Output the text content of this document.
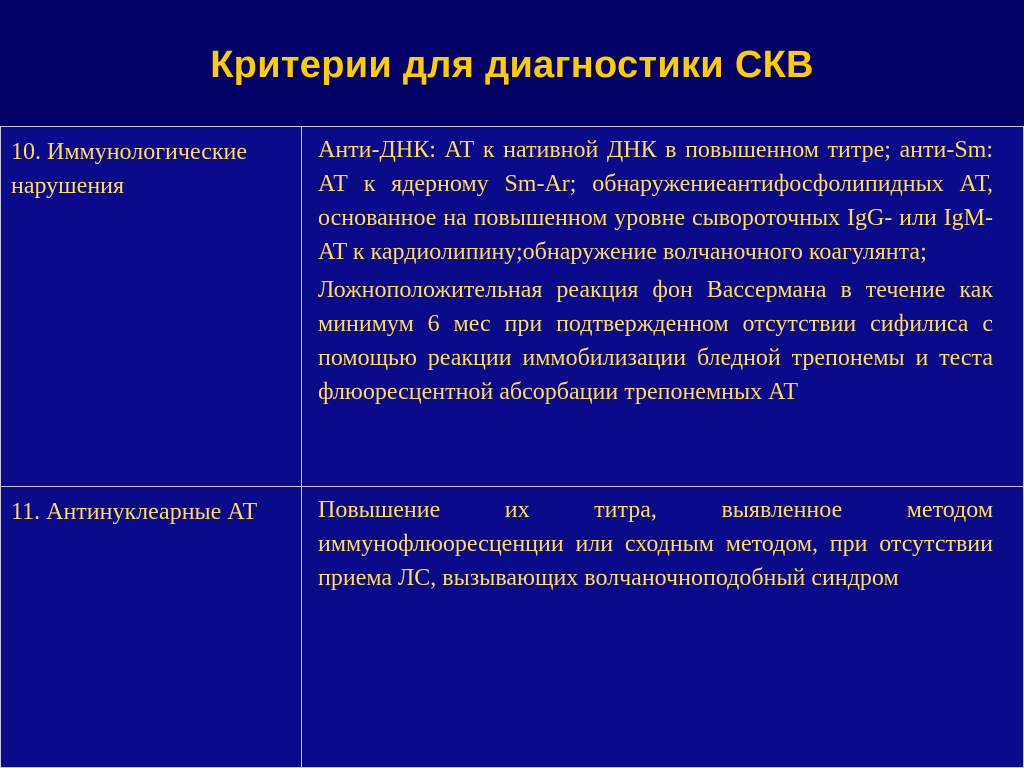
Критерии для диагностики СКВ
10. Иммунологические нарушения	Анти-ДНК: АТ к нативной ДНК в повышенном титре; анти-Sm: АТ к ядерному Sm-Ar; обнаружениеантифосфолипидных АТ, основанное на повышенном уровне сывороточных IgG- или IgM-AT к кардиолипину;обнаружение волчаночного коагулянта;
Ложноположительная реакция фон Вассермана в течение как минимум 6 мес при подтвержденном отсутствии сифилиса с помощью реакции иммобилизации бледной трепонемы и теста флюоресцентной абсорбации трепонемных АТ

11. Антинуклеарные АТ	Повышение их титра, выявленное методом иммунофлюоресценции или сходным методом, при отсутствии приема ЛС, вызывающих волчаночноподобный синдром
